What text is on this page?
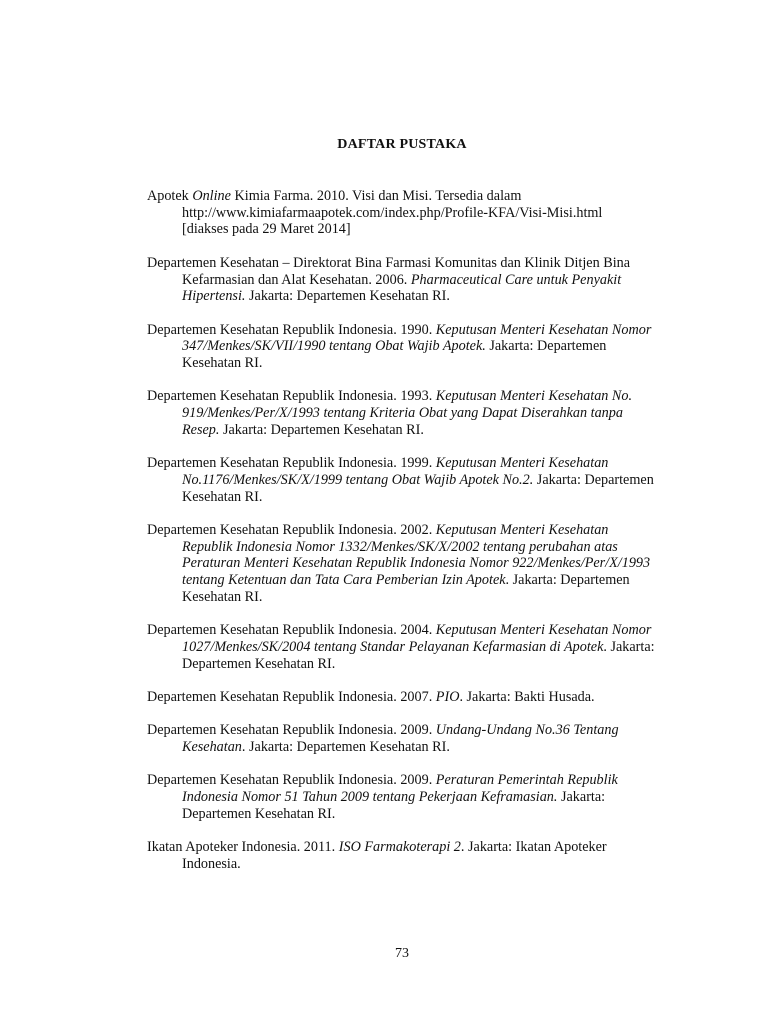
DAFTAR PUSTAKA

Apotek Online Kimia Farma. 2010. Visi dan Misi. Tersedia dalam
http://www.kimiafarmaapotek.com/index.php/Profile-KFA/Visi-Misi.html
[diakses pada 29 Maret 2014]

Departemen Kesehatan – Direktorat Bina Farmasi Komunitas dan Klinik Ditjen Bina Kefarmasian dan Alat Kesehatan. 2006. Pharmaceutical Care untuk Penyakit Hipertensi. Jakarta: Departemen Kesehatan RI.

Departemen Kesehatan Republik Indonesia. 1990. Keputusan Menteri Kesehatan Nomor 347/Menkes/SK/VII/1990 tentang Obat Wajib Apotek. Jakarta: Departemen Kesehatan RI.

Departemen Kesehatan Republik Indonesia. 1993. Keputusan Menteri Kesehatan No. 919/Menkes/Per/X/1993 tentang Kriteria Obat yang Dapat Diserahkan tanpa Resep. Jakarta: Departemen Kesehatan RI.

Departemen Kesehatan Republik Indonesia. 1999. Keputusan Menteri Kesehatan No.1176/Menkes/SK/X/1999 tentang Obat Wajib Apotek No.2. Jakarta: Departemen Kesehatan RI.

Departemen Kesehatan Republik Indonesia. 2002. Keputusan Menteri Kesehatan Republik Indonesia Nomor 1332/Menkes/SK/X/2002 tentang perubahan atas Peraturan Menteri Kesehatan Republik Indonesia Nomor 922/Menkes/Per/X/1993 tentang Ketentuan dan Tata Cara Pemberian Izin Apotek. Jakarta: Departemen Kesehatan RI.

Departemen Kesehatan Republik Indonesia. 2004. Keputusan Menteri Kesehatan Nomor 1027/Menkes/SK/2004 tentang Standar Pelayanan Kefarmasian di Apotek. Jakarta: Departemen Kesehatan RI.

Departemen Kesehatan Republik Indonesia. 2007. PIO. Jakarta: Bakti Husada.

Departemen Kesehatan Republik Indonesia. 2009. Undang-Undang No.36 Tentang Kesehatan. Jakarta: Departemen Kesehatan RI.

Departemen Kesehatan Republik Indonesia. 2009. Peraturan Pemerintah Republik Indonesia Nomor 51 Tahun 2009 tentang Pekerjaan Keframasian. Jakarta: Departemen Kesehatan RI.

Ikatan Apoteker Indonesia. 2011. ISO Farmakoterapi 2. Jakarta: Ikatan Apoteker Indonesia.

73
